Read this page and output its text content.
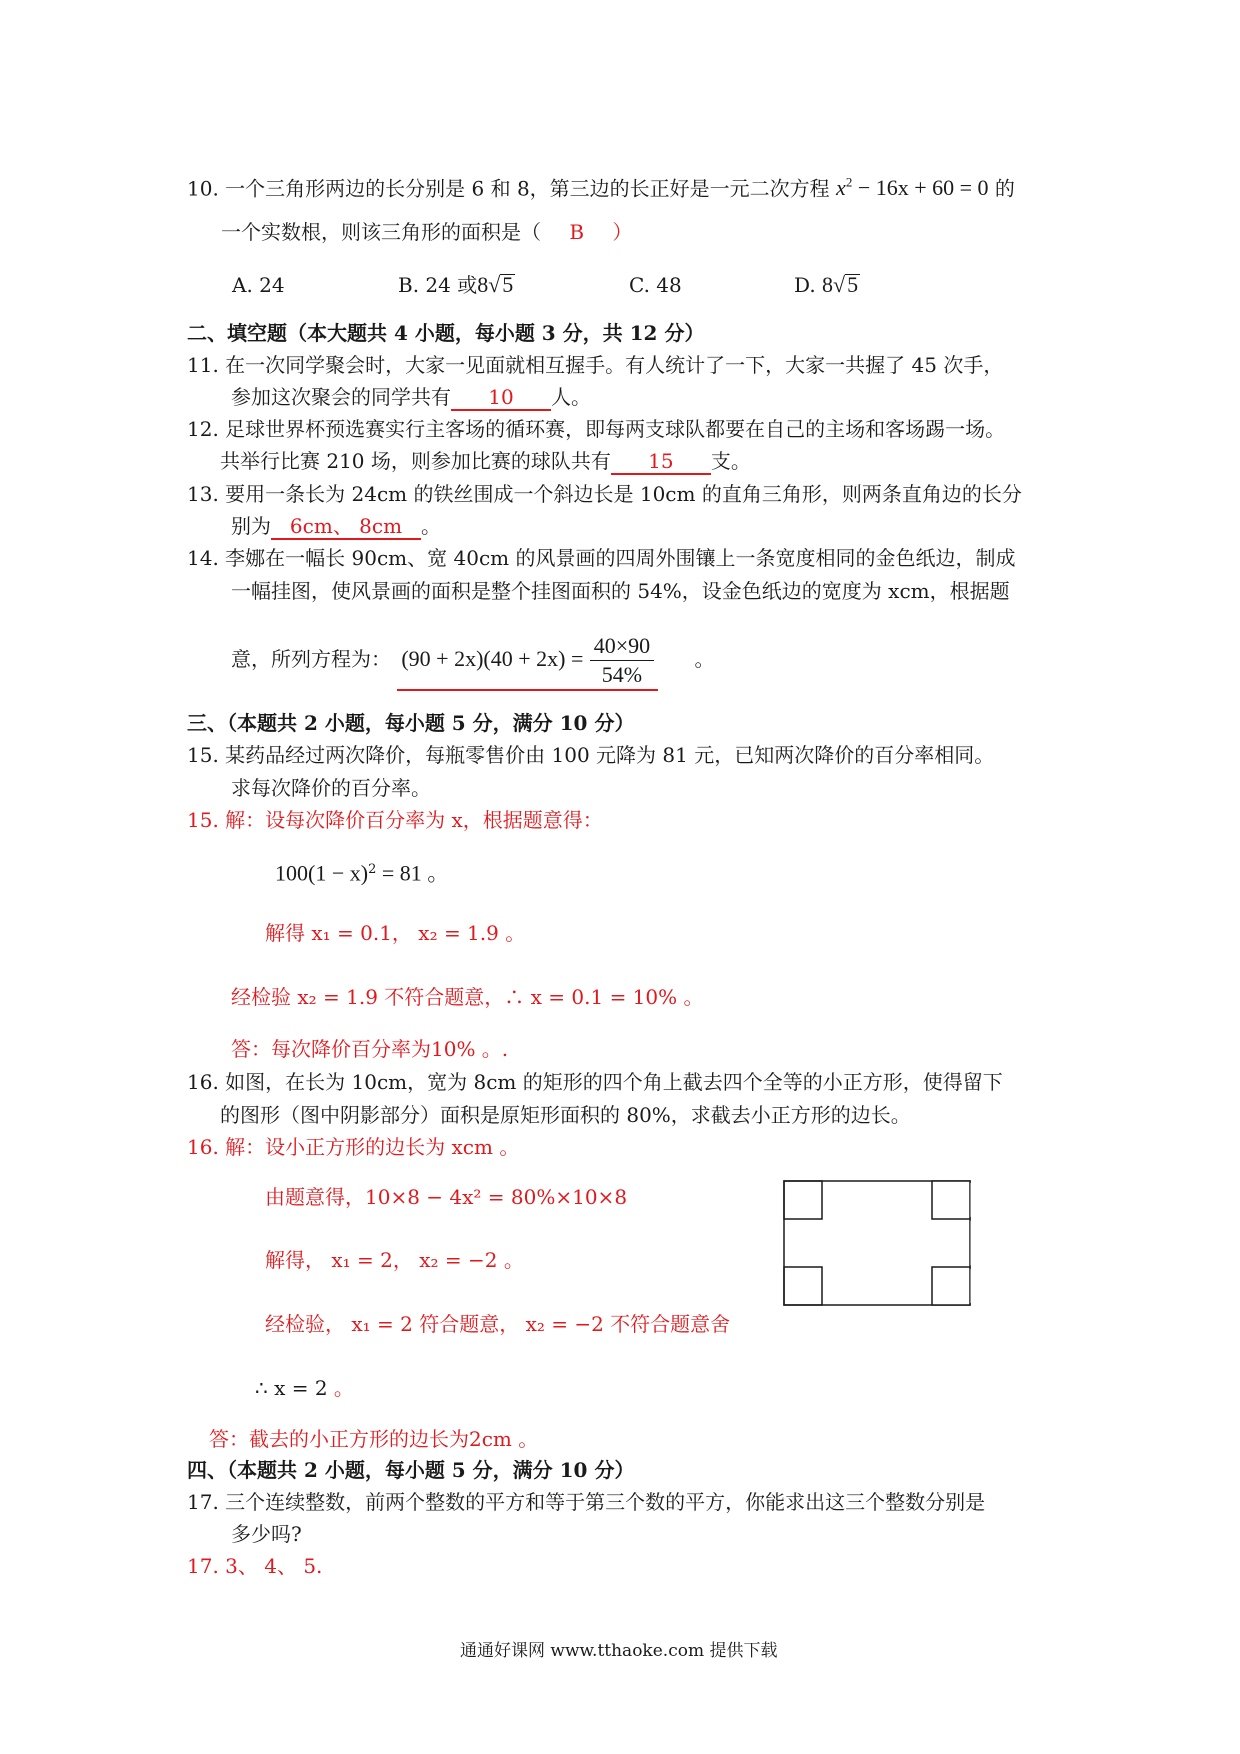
10. 一个三角形两边的长分别是 6 和 8，第三边的长正好是一元二次方程 $x^2 - 16x + 60 = 0$ 的
一个实数根，则该三角形的面积是（ B ）
A. 24	B. 24 或8√5	C. 48	D. 8√5
二、填空题（本大题共 4 小题，每小题 3 分，共 12 分）
11. 在一次同学聚会时，大家一见面就相互握手。有人统计了一下，大家一共握了 45 次手，
参加这次聚会的同学共有 10 人。
12. 足球世界杯预选赛实行主客场的循环赛，即每两支球队都要在自己的主场和客场踢一场。
共举行比赛 210 场，则参加比赛的球队共有 15 支。
13. 要用一条长为 24cm 的铁丝围成一个斜边长是 10cm 的直角三角形，则两条直角边的长分
别为 6cm、 8cm 。
14. 李娜在一幅长 90cm、宽 40cm 的风景画的四周外围镶上一条宽度相同的金色纸边，制成
一幅挂图，使风景画的面积是整个挂图面积的 54%，设金色纸边的宽度为 xcm，根据题
意，所列方程为： $(90 + 2x)(40 + 2x) = \frac{40\times 90}{54\%}$ 。
三、（本题共 2 小题，每小题 5 分，满分 10 分）
15. 某药品经过两次降价，每瓶零售价由 100 元降为 81 元，已知两次降价的百分率相同。
求每次降价的百分率。
15. 解：设每次降价百分率为 x，根据题意得：
$100(1 - x)^2 = 81$ 。
解得 x₁ = 0.1， x₂ = 1.9 。
经检验 x₂ = 1.9 不符合题意，∴ x = 0.1 = 10% 。
答：每次降价百分率为10% 。.
16. 如图，在长为 10cm，宽为 8cm 的矩形的四个角上截去四个全等的小正方形，使得留下
的图形（图中阴影部分）面积是原矩形面积的 80%，求截去小正方形的边长。
16. 解：设小正方形的边长为 xcm 。
由题意得，10×8 − 4x² = 80%×10×8
解得， x₁ = 2， x₂ = −2 。
经检验， x₁ = 2 符合题意， x₂ = −2 不符合题意舍
∴ x = 2 。
答：截去的小正方形的边长为2cm 。
四、（本题共 2 小题，每小题 5 分，满分 10 分）
17. 三个连续整数，前两个整数的平方和等于第三个数的平方，你能求出这三个整数分别是
多少吗?
17. 3、 4、 5.
通通好课网 www.tthaoke.com 提供下载
